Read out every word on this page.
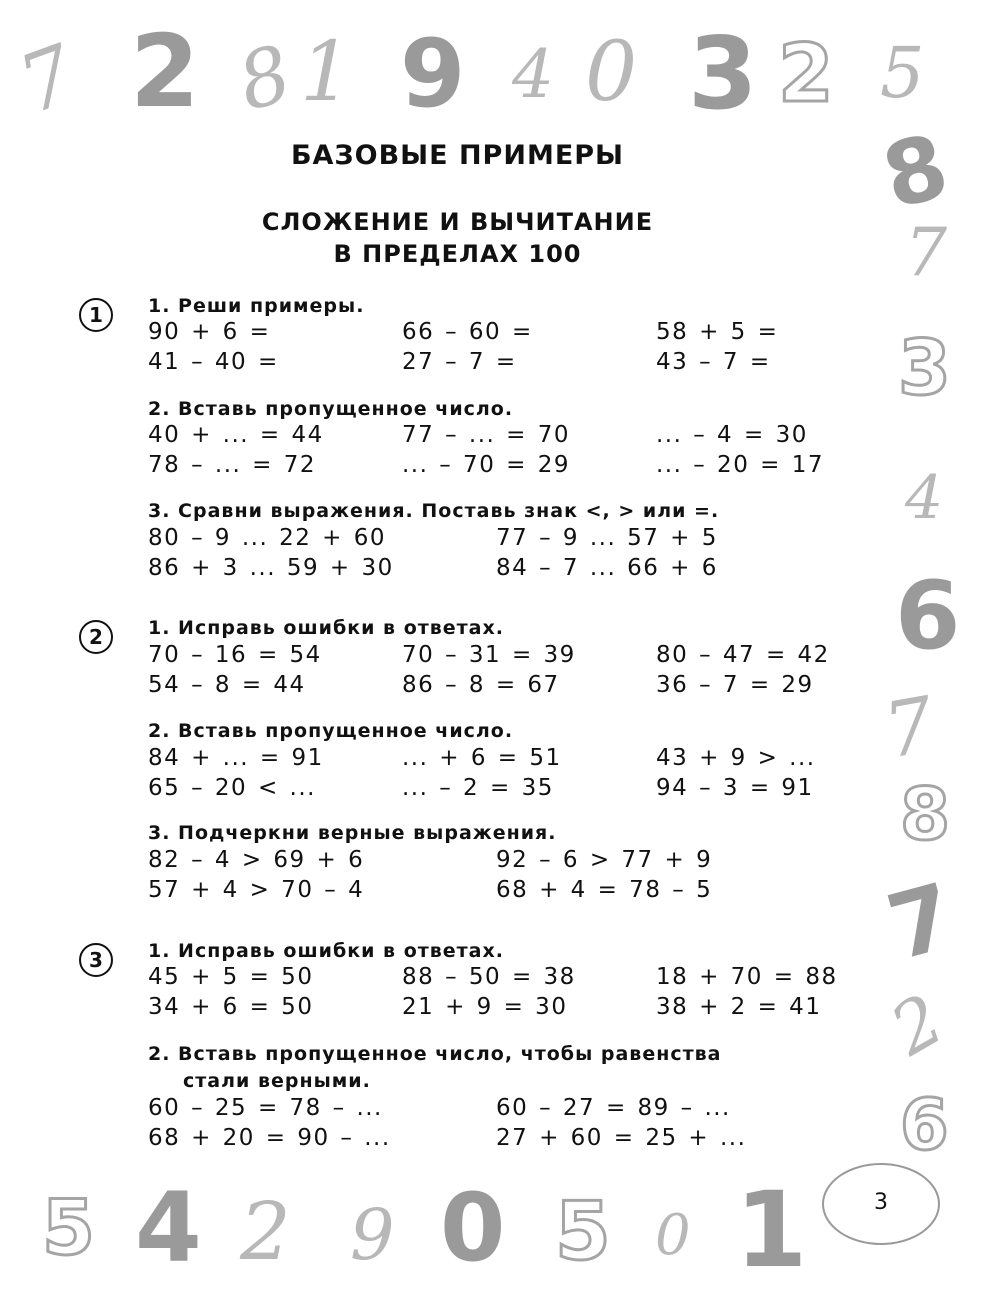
7 2 8 1 9 4 0 3 2 5
8
7
3
4
6
7
8
7
2
6
5 4 2 9 0 5 0 1
БАЗОВЫЕ ПРИМЕРЫ
СЛОЖЕНИЕ И ВЫЧИТАНИЕ
В ПРЕДЕЛАХ 100
1	1. Реши примеры.
90 + 6 =	66 – 60 =	58 + 5 =
41 – 40 =	27 – 7 =	43 – 7 =
2. Вставь пропущенное число.
40 + ... = 44	77 – ... = 70	... – 4 = 30
78 – ... = 72	... – 70 = 29	... – 20 = 17
3. Сравни выражения. Поставь знак <, > или =.
80 – 9 ... 22 + 60	77 – 9 ... 57 + 5
86 + 3 ... 59 + 30	84 – 7 ... 66 + 6
2	1. Исправь ошибки в ответах.
70 – 16 = 54	70 – 31 = 39	80 – 47 = 42
54 – 8 = 44	86 – 8 = 67	36 – 7 = 29
2. Вставь пропущенное число.
84 + ... = 91	... + 6 = 51	43 + 9 > ...
65 – 20 < ...	... – 2 = 35	94 – 3 = 91
3. Подчеркни верные выражения.
82 – 4 > 69 + 6	92 – 6 > 77 + 9
57 + 4 > 70 – 4	68 + 4 = 78 – 5
3	1. Исправь ошибки в ответах.
45 + 5 = 50	88 – 50 = 38	18 + 70 = 88
34 + 6 = 50	21 + 9 = 30	38 + 2 = 41
2. Вставь пропущенное число, чтобы равенства
стали верными.
60 – 25 = 78 – ...	60 – 27 = 89 – ...
68 + 20 = 90 – ...	27 + 60 = 25 + ...
3
